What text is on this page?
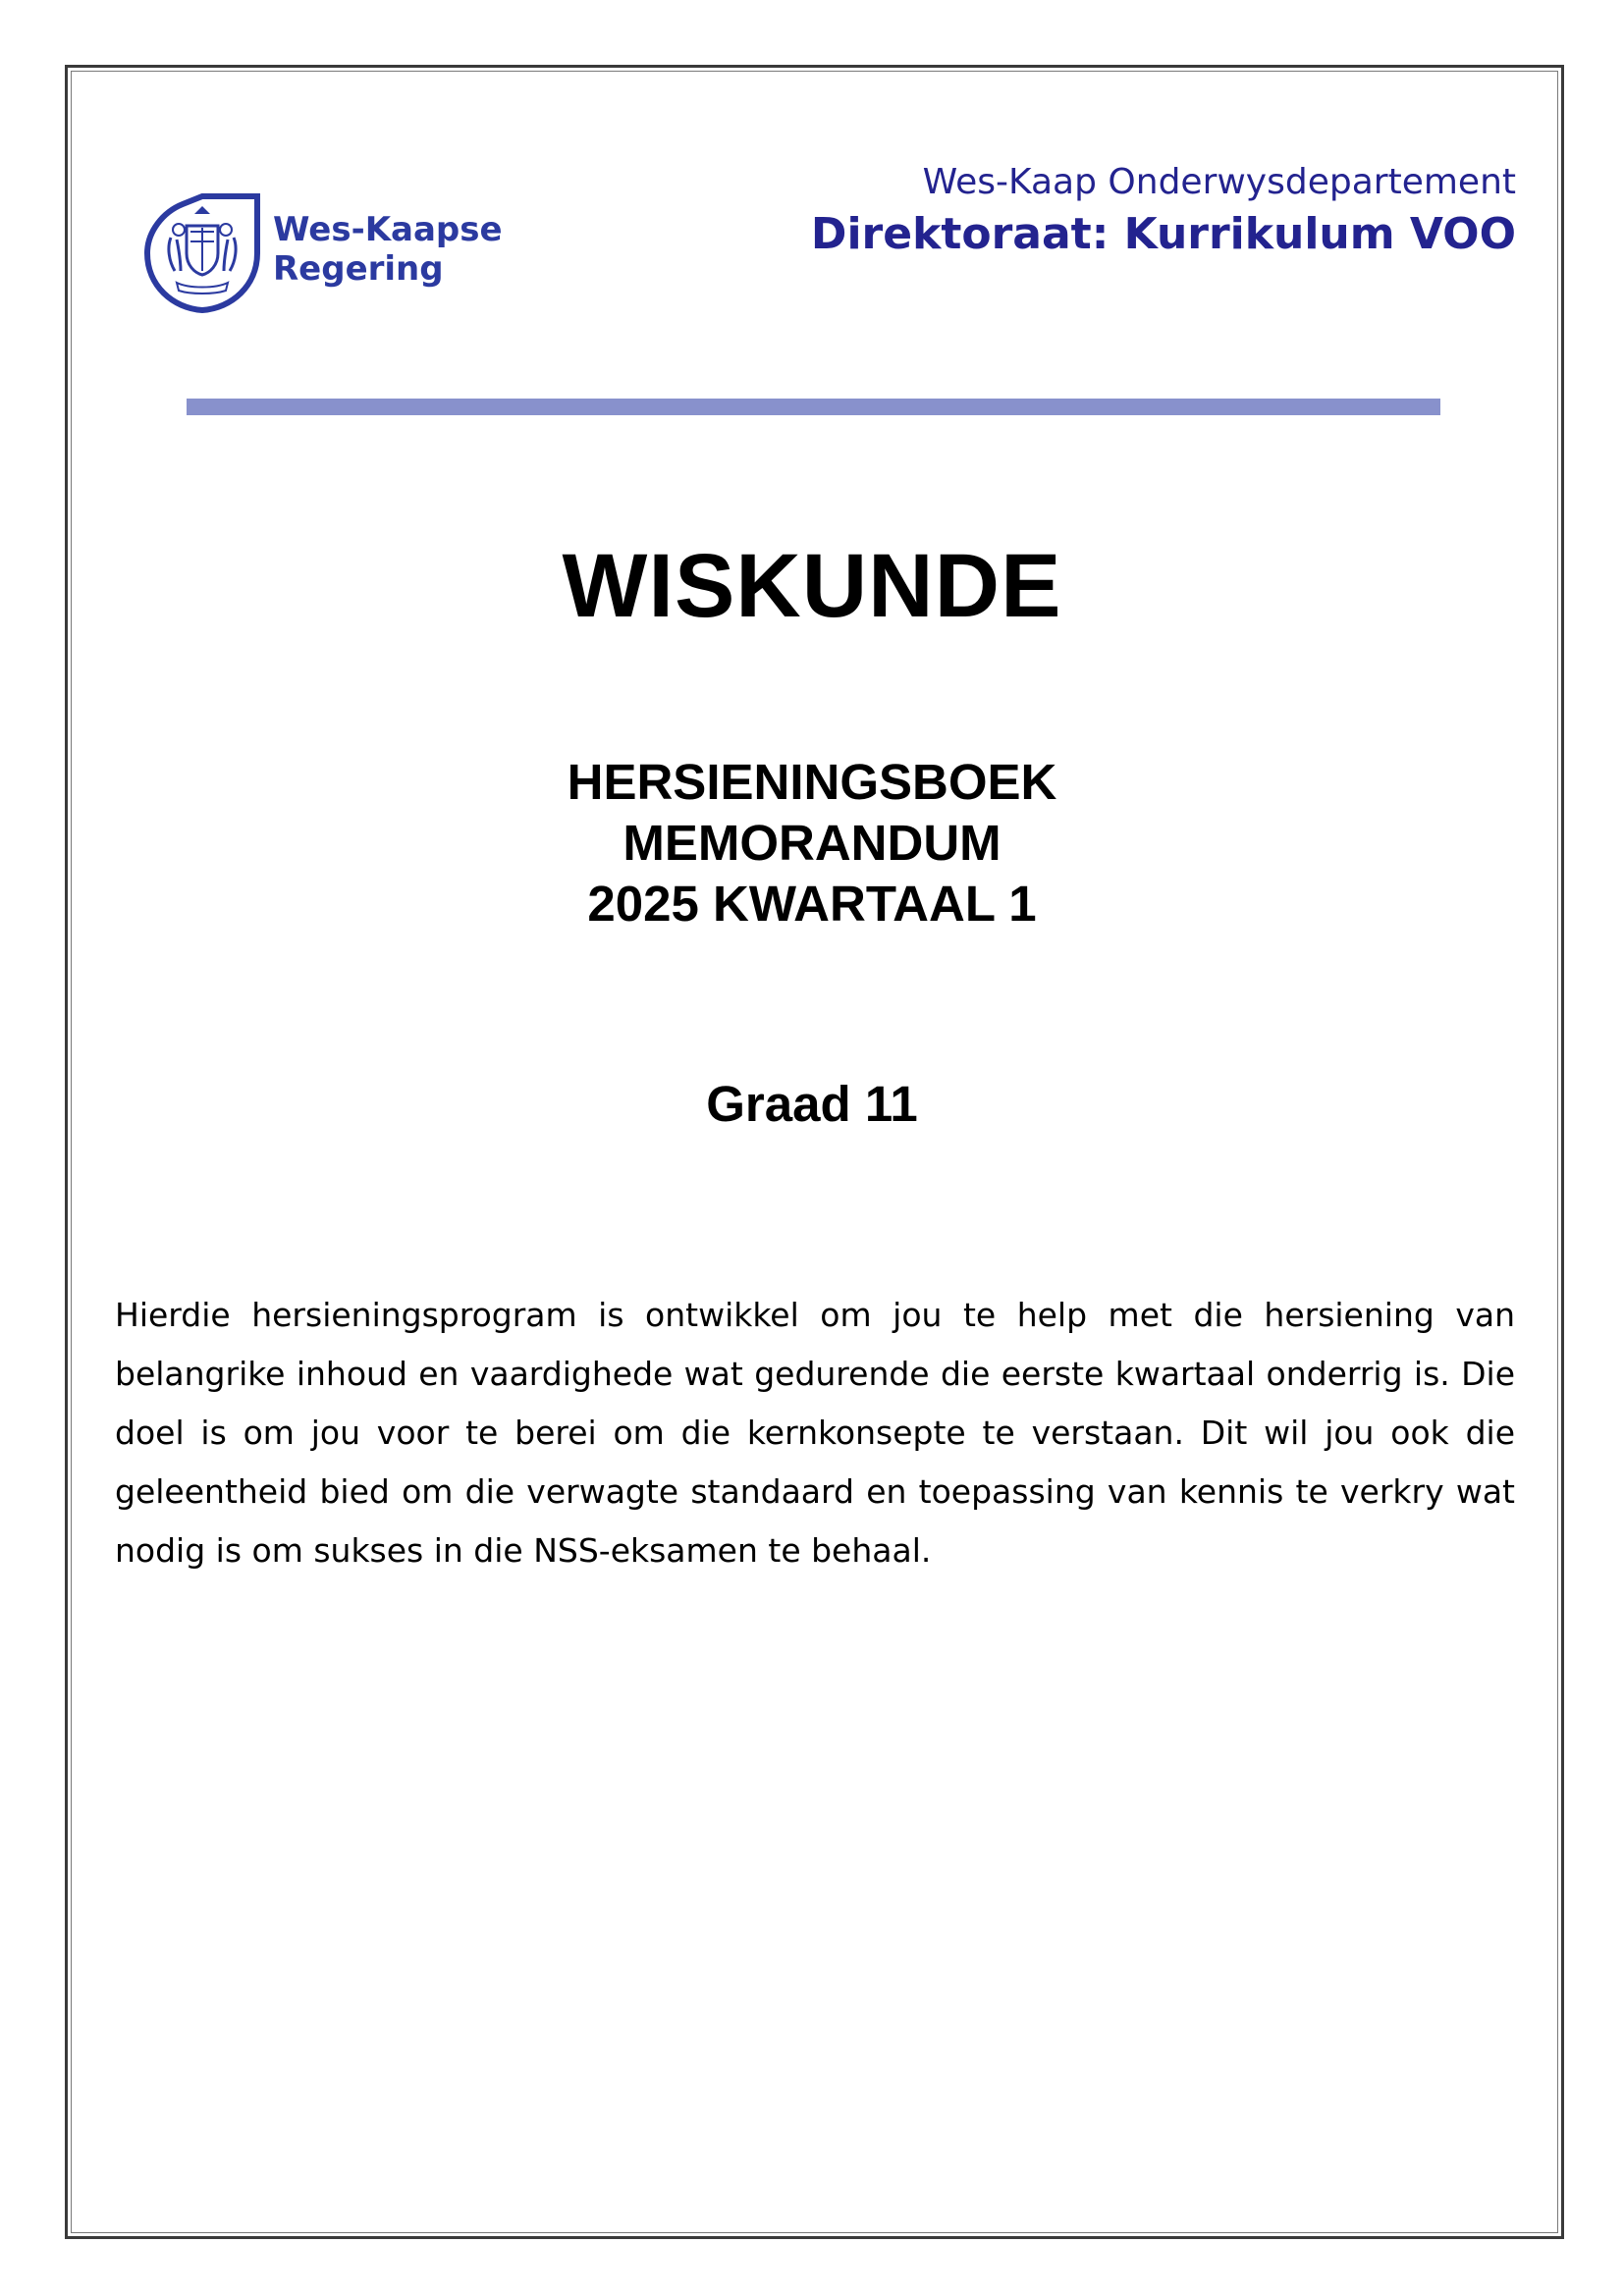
Wes-Kaapse
Regering
Wes-Kaap Onderwysdepartement
Direktoraat: Kurrikulum VOO
WISKUNDE
HERSIENINGSBOEK
MEMORANDUM
2025 KWARTAAL 1
Graad 11
Hierdie hersieningsprogram is ontwikkel om jou te help met die hersiening van belangrike inhoud en vaardighede wat gedurende die eerste kwartaal onderrig is. Die doel is om jou voor te berei om die kernkonsepte te verstaan. Dit wil jou ook die geleentheid bied om die verwagte standaard en toepassing van kennis te verkry wat nodig is om sukses in die NSS-eksamen te behaal.
